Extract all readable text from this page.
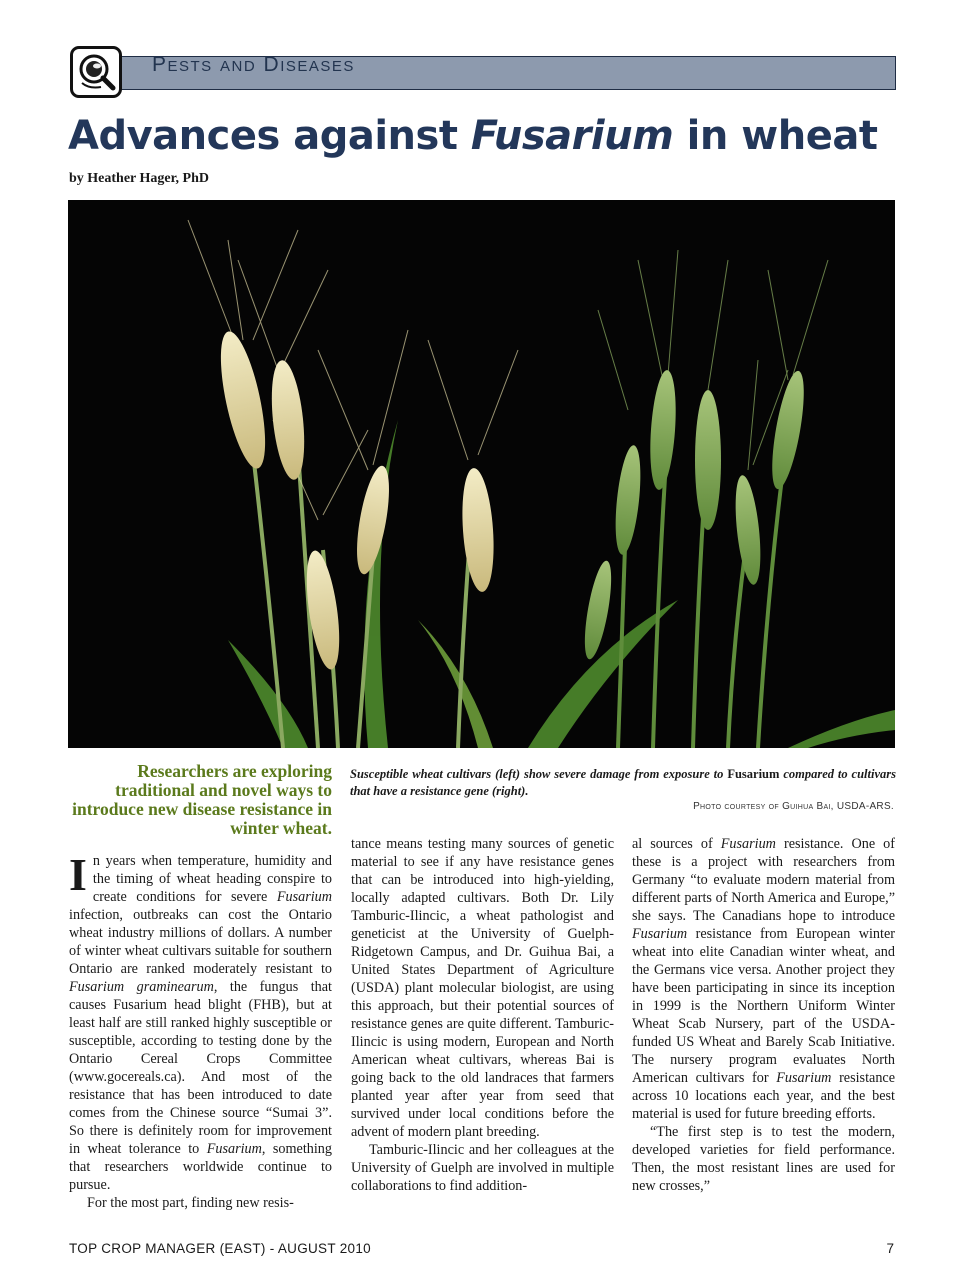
Pests and Diseases
Advances against Fusarium in wheat
by Heather Hager, PhD
Researchers are exploring traditional and novel ways to introduce new disease resistance in winter wheat.
Susceptible wheat cultivars (left) show severe damage from exposure to Fusarium compared to cultivars that have a resistance gene (right).
Photo courtesy of Guihua Bai, USDA-ARS.

In years when temperature, humidity and the timing of wheat heading conspire to create conditions for severe Fusarium infection, outbreaks can cost the Ontario wheat industry millions of dollars. A number of winter wheat cultivars suitable for southern Ontario are ranked moderately resistant to Fusarium graminearum, the fungus that causes Fusarium head blight (FHB), but at least half are still ranked highly susceptible or susceptible, according to testing done by the Ontario Cereal Crops Committee (www.gocereals.ca). And most of the resistance that has been introduced to date comes from the Chinese source “Sumai 3”. So there is definitely room for improvement in wheat tolerance to Fusarium, something that researchers worldwide continue to pursue.

For the most part, finding new resis-

tance means testing many sources of genetic material to see if any have resistance genes that can be introduced into high-yielding, locally adapted cultivars. Both Dr. Lily Tamburic-Ilincic, a wheat pathologist and geneticist at the University of Guelph-Ridgetown Campus, and Dr. Guihua Bai, a United States Department of Agriculture (USDA) plant molecular biologist, are using this approach, but their potential sources of resistance genes are quite different. Tamburic-Ilincic is using modern, European and North American wheat cultivars, whereas Bai is going back to the old landraces that farmers planted year after year from seed that survived under local conditions before the advent of modern plant breeding.

Tamburic-Ilincic and her colleagues at the University of Guelph are involved in multiple collaborations to find addition-

al sources of Fusarium resistance. One of these is a project with researchers from Germany “to evaluate modern material from different parts of North America and Europe,” she says. The Canadians hope to introduce Fusarium resistance from European winter wheat into elite Canadian winter wheat, and the Germans vice versa. Another project they have been participating in since its inception in 1999 is the Northern Uniform Winter Wheat Scab Nursery, part of the USDA-funded US Wheat and Barely Scab Initiative. The nursery program evaluates North American cultivars for Fusarium resistance across 10 locations each year, and the best material is used for future breeding efforts.

“The first step is to test the modern, developed varieties for field performance. Then, the most resistant lines are used for new crosses,”

TOP CROP MANAGER (EAST) - AUGUST 2010	7
